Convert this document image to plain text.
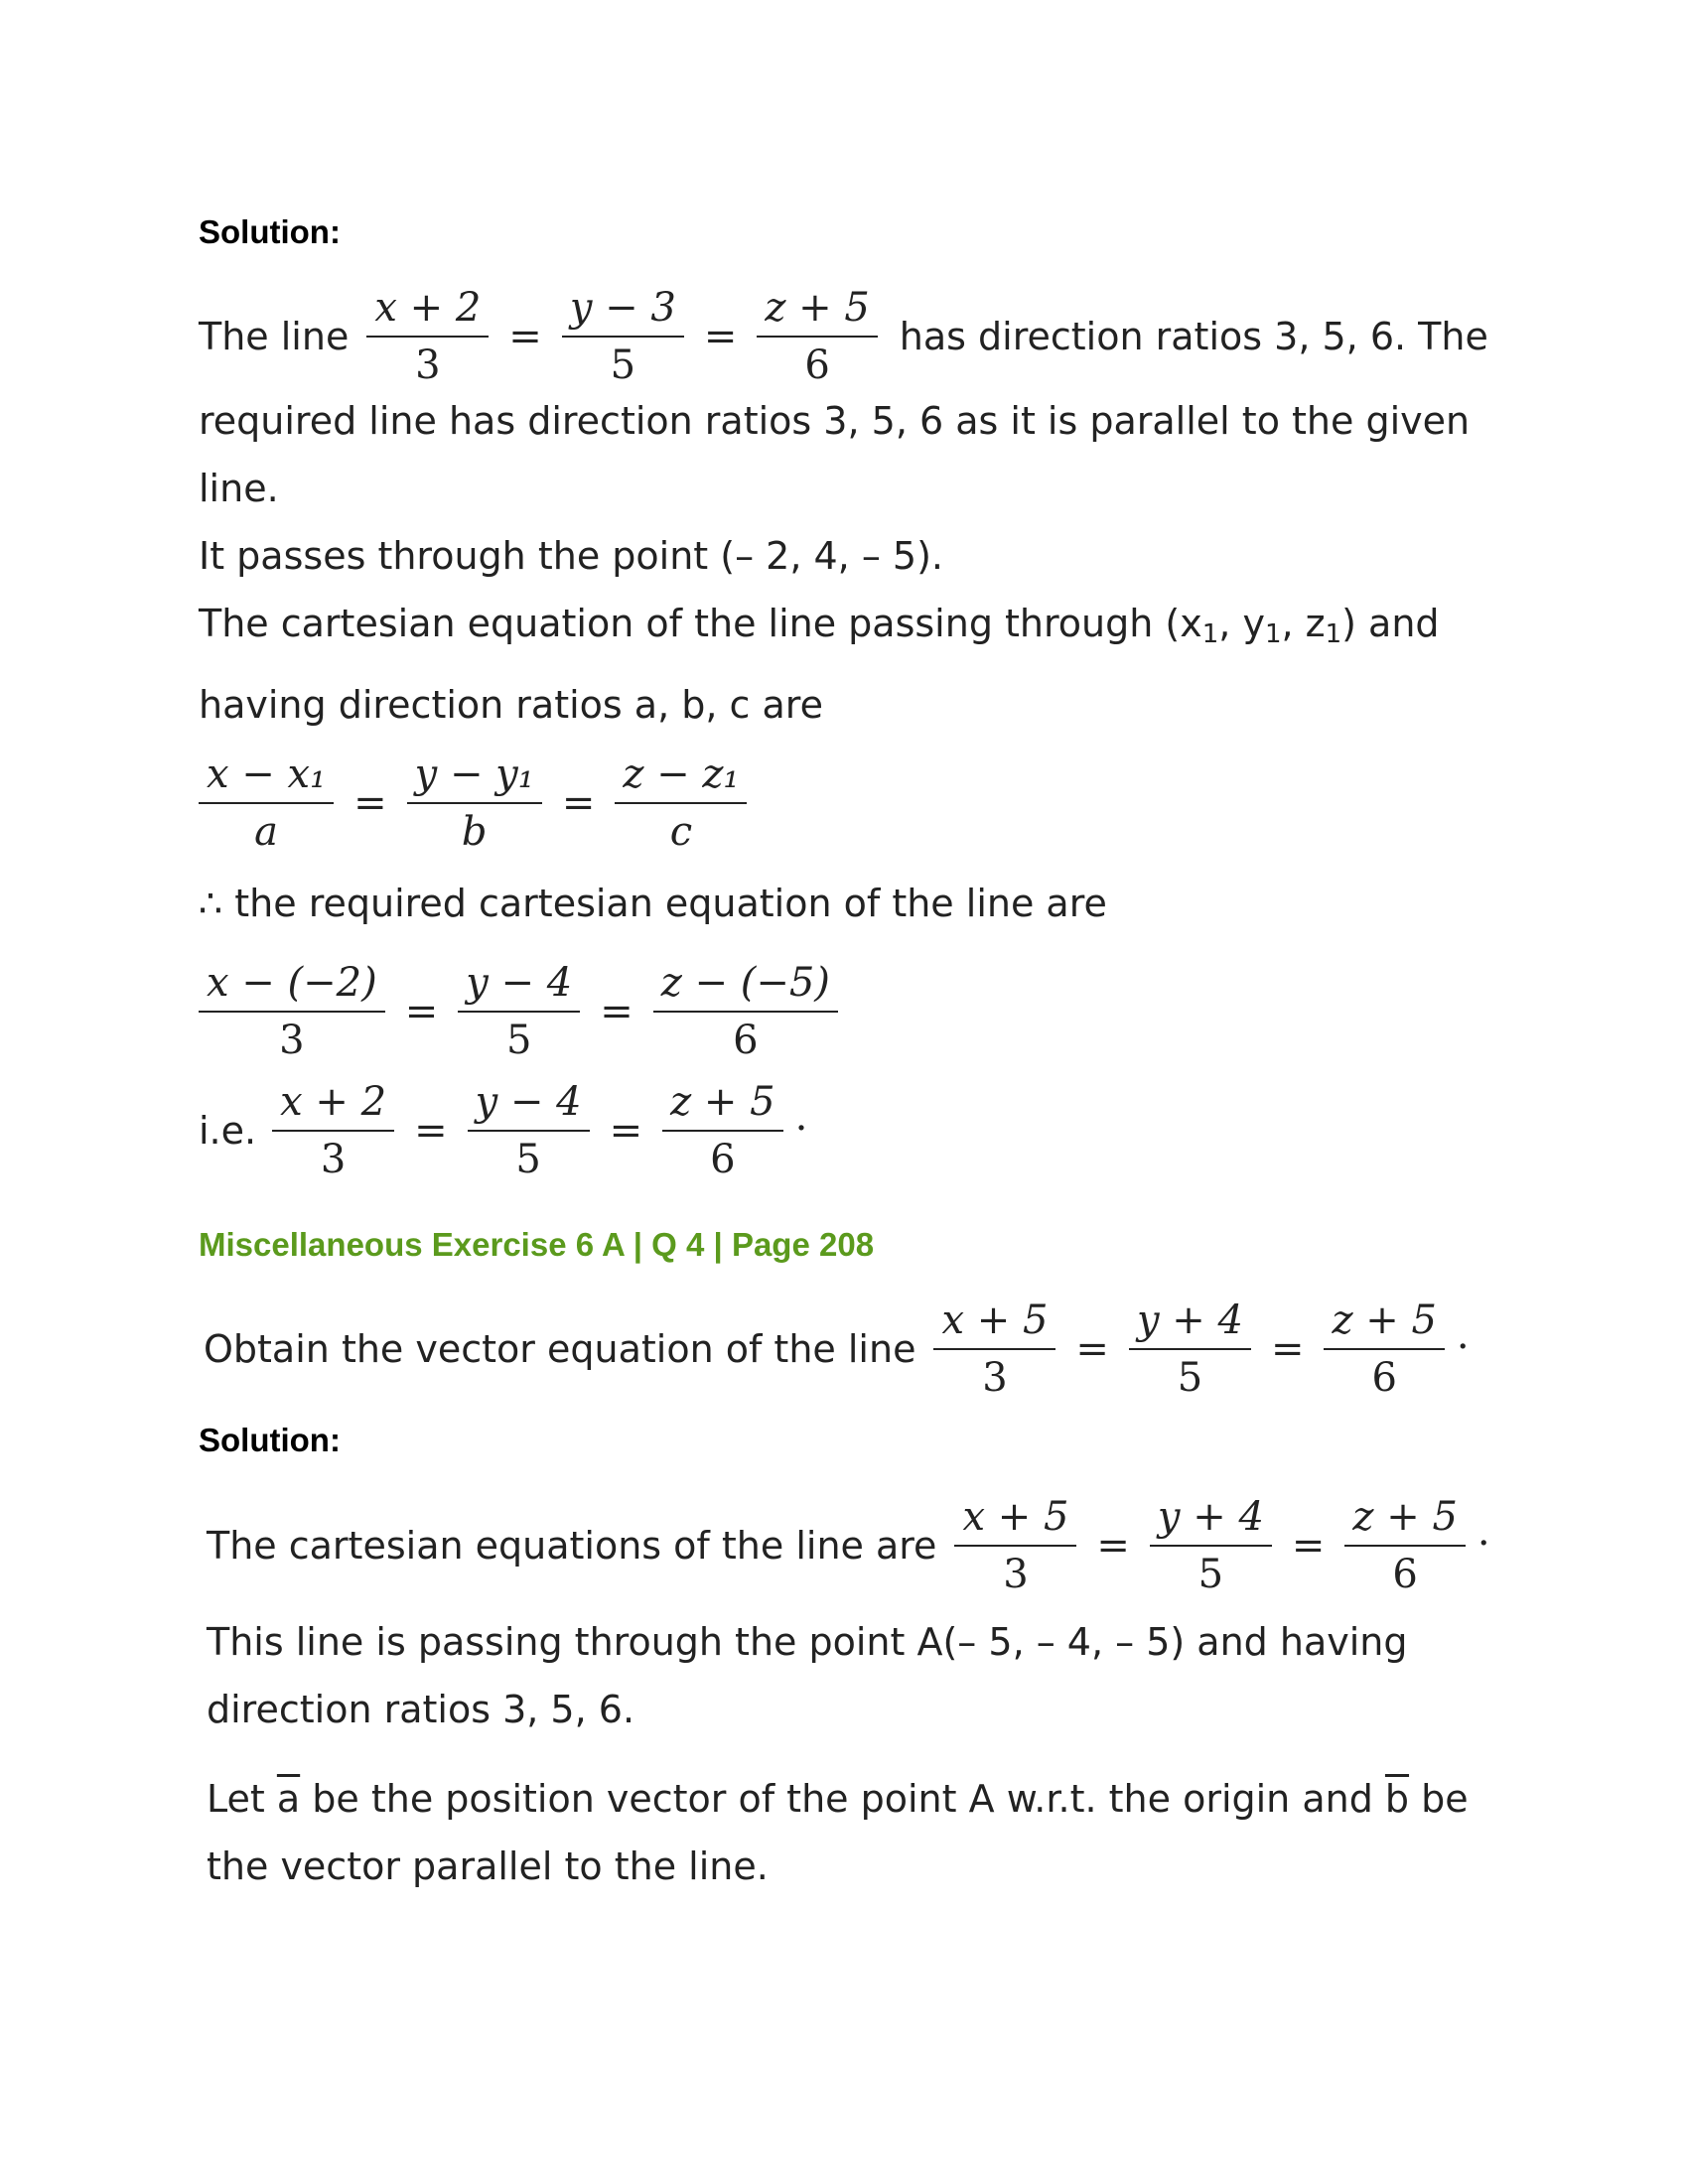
Solution:
The line $\frac{x + 2}{3} = \frac{y - 3}{5} = \frac{z + 5}{6}$ has direction ratios 3, 5, 6. The

required line has direction ratios 3, 5, 6 as it is parallel to the given

line.

It passes through the point (– 2, 4, – 5).

The cartesian equation of the line passing through ($x_1$, $y_1$, $z_1$) and

having direction ratios a, b, c are

$\frac{\text{x − x₁}}{a} = \frac{\text{y − y₁}}{b} = \frac{\text{z − z₁}}{c}$

∴ the required cartesian equation of the line are

$\frac{x - (-2)}{3} = \frac{y - 4}{5} = \frac{z - (-5)}{6}$
i.e. $\frac{x + 2}{3} = \frac{y - 4}{5} = \frac{z + 5}{6}$ .
Miscellaneous Exercise 6 A | Q 4 | Page 208
Obtain the vector equation of the line $\frac{x + 5}{3} = \frac{y + 4}{5} = \frac{z + 5}{6}$ .
Solution:
The cartesian equations of the line are $\frac{x + 5}{3} = \frac{y + 4}{5} = \frac{z + 5}{6}$ .

This line is passing through the point A(– 5, – 4, – 5) and having

direction ratios 3, 5, 6.

Let $\overline{a}$ be the position vector of the point A w.r.t. the origin and $\overline{b}$ be

the vector parallel to the line.
